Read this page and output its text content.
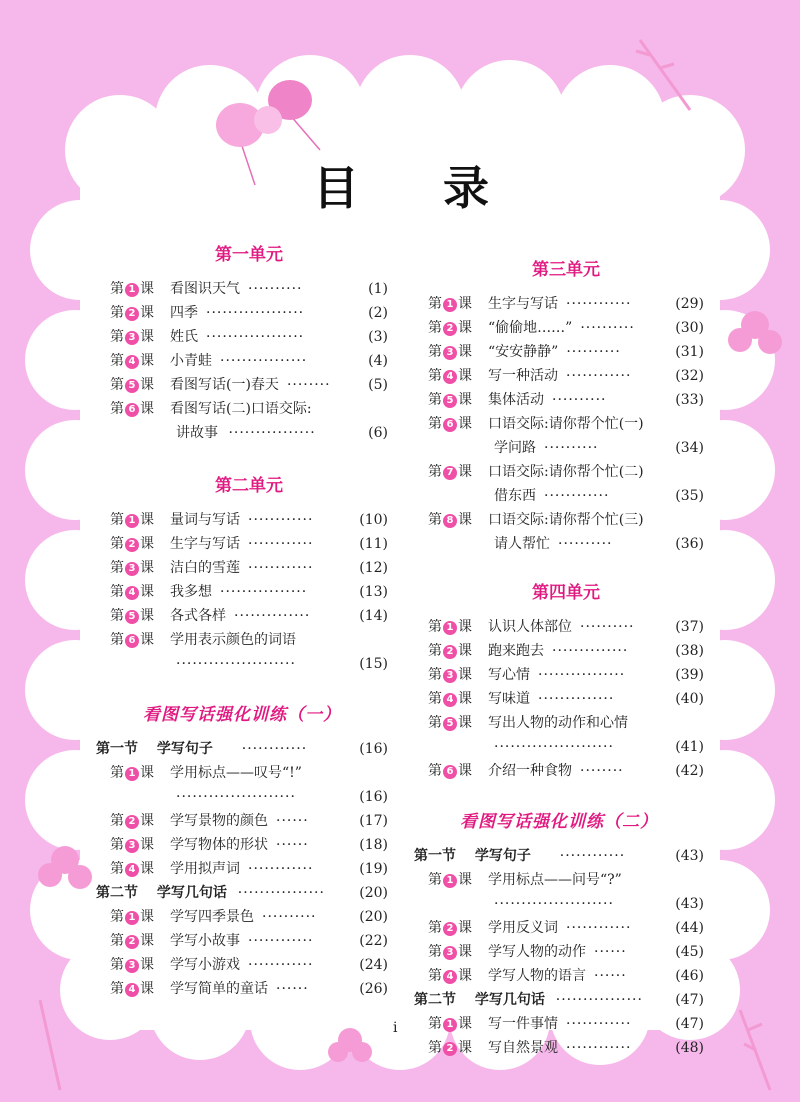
目 录
第一单元
第 1 课 看图识天气 ··········	(1)
第 2 课 四季 ··················	(2)
第 3 课 姓氏 ··················	(3)
第 4 课 小青蛙 ················	(4)
第 5 课 看图写话(一)春天 ········	(5)
第 6 课 看图写话(二)口语交际:
讲故事 ················	(6)
第二单元
第 1 课 量词与写话 ············	(10)
第 2 课 生字与写话 ············	(11)
第 3 课 洁白的雪莲 ············	(12)
第 4 课 我多想 ················	(13)
第 5 课 各式各样 ··············	(14)
第 6 课 学用表示颜色的词语
······················	(15)
看图写话强化训练（一）
第一节 学写句子 ············	(16)
第 1 课 学用标点——叹号“!”
······················	(16)
第 2 课 学写景物的颜色 ······	(17)
第 3 课 学写物体的形状 ······	(18)
第 4 课 学用拟声词 ············	(19)
第二节 学写几句话 ················ (20)
第 1 课 学写四季景色 ··········	(20)
第 2 课 学写小故事 ············	(22)
第 3 课 学写小游戏 ············	(24)
第 4 课 学写简单的童话 ······	(26)
第三单元
第 1 课 生字与写话 ············	(29)
第 2 课 “偷偷地……” ··········	(30)
第 3 课 “安安静静” ··········	(31)
第 4 课 写一种活动 ············	(32)
第 5 课 集体活动 ··········	(33)
第 6 课 口语交际:请你帮个忙(一)
学问路 ··········	(34)
第 7 课 口语交际:请你帮个忙(二)
借东西 ············	(35)
第 8 课 口语交际:请你帮个忙(三)
请人帮忙 ··········	(36)
第四单元
第 1 课 认识人体部位 ··········	(37)
第 2 课 跑来跑去 ··············	(38)
第 3 课 写心情 ················	(39)
第 4 课 写味道 ··············	(40)
第 5 课 写出人物的动作和心情
······················	(41)
第 6 课 介绍一种食物 ········	(42)
看图写话强化训练（二）
第一节 学写句子 ············	(43)
第 1 课 学用标点——问号“?”
······················	(43)
第 2 课 学用反义词 ············	(44)
第 3 课 学写人物的动作 ······	(45)
第 4 课 学写人物的语言 ······	(46)
第二节 学写几句话 ················ (47)
第 1 课 写一件事情 ············	(47)
第 2 课 写自然景观 ············	(48)
i
